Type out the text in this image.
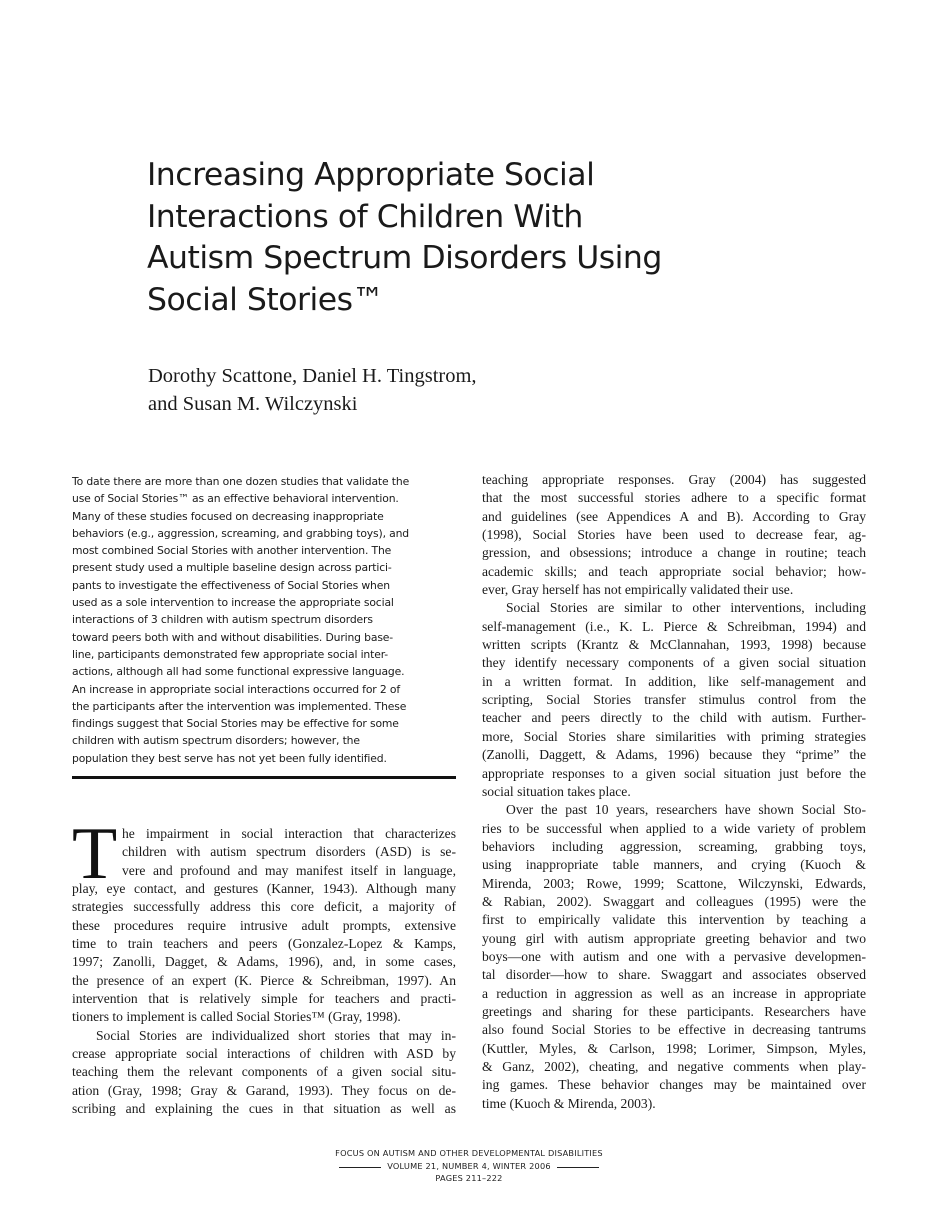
Increasing Appropriate Social
Interactions of Children With
Autism Spectrum Disorders Using
Social Stories™
Dorothy Scattone, Daniel H. Tingstrom,
and Susan M. Wilczynski
To date there are more than one dozen studies that validate the
use of Social Stories™ as an effective behavioral intervention.
Many of these studies focused on decreasing inappropriate
behaviors (e.g., aggression, screaming, and grabbing toys), and
most combined Social Stories with another intervention. The
present study used a multiple baseline design across partici-
pants to investigate the effectiveness of Social Stories when
used as a sole intervention to increase the appropriate social
interactions of 3 children with autism spectrum disorders
toward peers both with and without disabilities. During base-
line, participants demonstrated few appropriate social inter-
actions, although all had some functional expressive language.
An increase in appropriate social interactions occurred for 2 of
the participants after the intervention was implemented. These
findings suggest that Social Stories may be effective for some
children with autism spectrum disorders; however, the
population they best serve has not yet been fully identified.
T he impairment in social interaction that characterizes
children with autism spectrum disorders (ASD) is se-
vere and profound and may manifest itself in language,
play, eye contact, and gestures (Kanner, 1943). Although many
strategies successfully address this core deficit, a majority of
these procedures require intrusive adult prompts, extensive
time to train teachers and peers (Gonzalez-Lopez & Kamps,
1997; Zanolli, Dagget, & Adams, 1996), and, in some cases,
the presence of an expert (K. Pierce & Schreibman, 1997). An
intervention that is relatively simple for teachers and practi-
tioners to implement is called Social Stories™ (Gray, 1998).
Social Stories are individualized short stories that may in-
crease appropriate social interactions of children with ASD by
teaching them the relevant components of a given social situ-
ation (Gray, 1998; Gray & Garand, 1993). They focus on de-
scribing and explaining the cues in that situation as well as
teaching appropriate responses. Gray (2004) has suggested
that the most successful stories adhere to a specific format
and guidelines (see Appendices A and B). According to Gray
(1998), Social Stories have been used to decrease fear, ag-
gression, and obsessions; introduce a change in routine; teach
academic skills; and teach appropriate social behavior; how-
ever, Gray herself has not empirically validated their use.
Social Stories are similar to other interventions, including
self-management (i.e., K. L. Pierce & Schreibman, 1994) and
written scripts (Krantz & McClannahan, 1993, 1998) because
they identify necessary components of a given social situation
in a written format. In addition, like self-management and
scripting, Social Stories transfer stimulus control from the
teacher and peers directly to the child with autism. Further-
more, Social Stories share similarities with priming strategies
(Zanolli, Daggett, & Adams, 1996) because they “prime” the
appropriate responses to a given social situation just before the
social situation takes place.
Over the past 10 years, researchers have shown Social Sto-
ries to be successful when applied to a wide variety of problem
behaviors including aggression, screaming, grabbing toys,
using inappropriate table manners, and crying (Kuoch &
Mirenda, 2003; Rowe, 1999; Scattone, Wilczynski, Edwards,
& Rabian, 2002). Swaggart and colleagues (1995) were the
first to empirically validate this intervention by teaching a
young girl with autism appropriate greeting behavior and two
boys—one with autism and one with a pervasive developmen-
tal disorder—how to share. Swaggart and associates observed
a reduction in aggression as well as an increase in appropriate
greetings and sharing for these participants. Researchers have
also found Social Stories to be effective in decreasing tantrums
(Kuttler, Myles, & Carlson, 1998; Lorimer, Simpson, Myles,
& Ganz, 2002), cheating, and negative comments when play-
ing games. These behavior changes may be maintained over
time (Kuoch & Mirenda, 2003).
FOCUS ON AUTISM AND OTHER DEVELOPMENTAL DISABILITIES
VOLUME 21, NUMBER 4, WINTER 2006
PAGES 211–222
